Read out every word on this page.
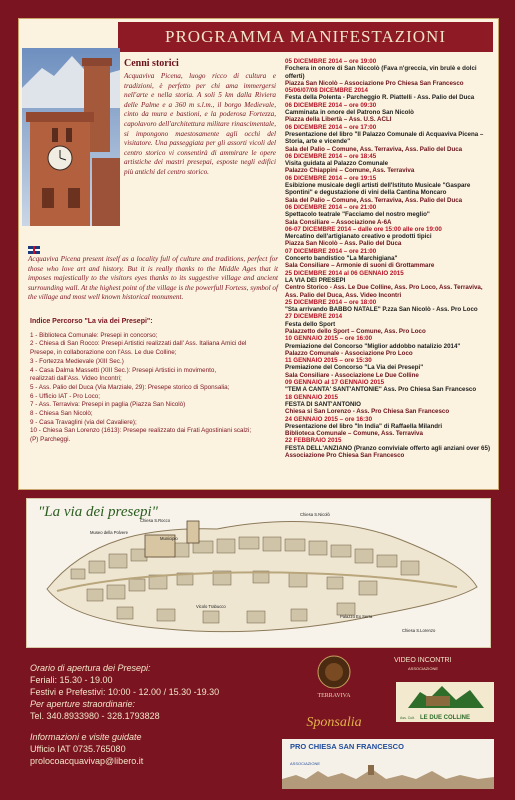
PROGRAMMA MANIFESTAZIONI
Cenni storici

Acquaviva Picena, luogo ricco di cultura e tradizioni, è perfetto per chi ama immergersi nell'arte e nella storia. A soli 5 km dalla Riviera delle Palme e a 360 m s.l.m., il borgo Medievale, cinto da mura e bastioni, e la poderosa Fortezza, capolavoro dell'architettura militare rinascimentale, si impongono maestosamente agli occhi del visitatore. Una passeggiata per gli assorti vicoli del centro storico vi consentirà di ammirare le opere artistiche dei mastri presepai, esposte negli edifici più antichi del centro storico.

Acquaviva Picena present itself as a locality full of culture and traditions, perfect for those who love art and history. But it is really thanks to the Middle Ages that it imposes majestically to the visitors eyes thanks to its suggestive village and ancient surrounding wall. At the highest point of the village is the powerfull Fortess, symbol of the village and most well known historical monument.
Indice Percorso "La via dei Presepi":
1 - Biblioteca Comunale: Presepi in concorso;
2 - Chiesa di San Rocco: Presepi Artistici realizzati dall' Ass. Italiana Amici del
Presepe, in collaborazione con l'Ass. Le due Colline;
3 - Fortezza Medievale (XIII Sec.)
4 - Casa Dalma Massetti (XIII Sec.): Presepi Artistici in movimento,
realizzati dall'Ass. Video Incontri;
5 - Ass. Palio del Duca (Via Marziale, 29): Presepe storico di Sponsalia;
6 - Ufficio IAT - Pro Loco;
7 - Ass. Terravivа: Presepi in paglia (Piazza San Nicolò)
8 - Chiesa San Nicolò;
9 - Casa Travaglini (via del Cavaliere);
10 - Chiesa San Lorenzo (1613): Presepe realizzato dai Frati Agostiniani scalzi;
(P) Parcheggi.
05 DICEMBRE 2014 – ore 19:00
Fochera in onore di San Niccolò (Fava n'greccia, vin brulè e dolci offerti)
Piazza San Nicolò – Associazione Pro Chiesa San Francesco
05/06/07/08 DICEMBRE 2014
Festa della Polenta - Parcheggio R. Piattelli - Ass. Palio del Duca
06 DICEMBRE 2014 – ore 09:30
Camminata in onore del Patrono San Nicolò
Piazza della Libertà – Ass. U.S. ACLI
06 DICEMBRE 2014 – ore 17:00
Presentazione del libro "Il Palazzo Comunale di Acquaviva Picena – Storia, arte e vicende"
Sala del Palio – Comune, Ass. Terravivа, Ass. Palio del Duca
06 DICEMBRE 2014 – ore 18:45
Visita guidata al Palazzo Comunale
Palazzo Chiappini – Comune, Ass. Terravivа
06 DICEMBRE 2014 – ore 19:15
Esibizione musicale degli artisti dell'Istituto Musicale "Gaspare Spontini" e degustazione di vini della Cantina Moncaro
Sala del Palio – Comune, Ass. Terravivа, Ass. Palio del Duca
06 DICEMBRE 2014 – ore 21:00
Spettacolo teatrale "Facciamo del nostro meglio"
Sala Consiliare – Associazione A-6A
06-07 DICEMBRE 2014 – dalle ore 15:00 alle ore 19:00
Mercatino dell'artigianato creativo e prodotti tipici
Piazza San Nicolò – Ass. Palio del Duca
07 DICEMBRE 2014 – ore 21:00
Concerto bandistico "La Marchigiana"
Sala Consiliare – Armonie di suoni di Grottammare
25 DICEMBRE 2014 al 06 GENNAIO 2015
LA VIA DEI PRESEPI
Centro Storico - Ass. Le Due Colline, Ass. Pro Loco, Ass. Terravivа, Ass. Palio del Duca, Ass. Video Incontri
25 DICEMBRE 2014 – ore 18:00
"Sta arrivando BABBO NATALE" P.zza San Nicolò - Ass. Pro Loco
27 DICEMBRE 2014
Festa dello Sport
Palazzetto dello Sport – Comune, Ass. Pro Loco
10 GENNAIO 2015 – ore 16:00
Premiazione del Concorso "Miglior addobbo natalizio 2014"
Palazzo Comunale - Associazione Pro Loco
11 GENNAIO 2015 – ore 15:30
Premiazione del Concorso "La Via dei Presepi"
Sala Consiliare - Associazione Le Due Colline
09 GENNAIO al 17 GENNAIO 2015
"TEM A CANTA' SANT'ANTONIE" Ass. Pro Chiesa San Francesco
18 GENNAIO 2015
FESTA DI SANT'ANTONIO
Chiesa si San Lorenzo - Ass. Pro Chiesa San Francesco
24 GENNAIO 2015 – ore 16:30
Presentazione del libro "In India" di Raffaella Milandri
Biblioteca Comunale – Comune, Ass. Terravivа
22 FEBBRAIO 2015
FESTA DELL'ANZIANO (Pranzo conviviale offerto agli anziani over 65)
Associazione Pro Chiesa San Francesco
"La via dei presepi"
Chiesa S.Rocco
Chiesa S.Nicolò
Museo della Polvere
Municipio
Vicolo Trabucco
Palazzo Ex Serra
Chiesa S.Lorenzo
Orario di apertura dei Presepi:
Feriali: 15.30 - 19.00
Festivi e Prefestivi: 10:00 - 12.00 / 15.30 -19.30
Per aperture straordinarie:
Tel. 340.8933980 - 328.1793828
Informazioni e visite guidate
Ufficio IAT 0735.765080
prolocoacquavivap@libero.it
TERRAVIVA
Sponsalia
VIDEO INCONTRI
ASSOCIAZIONE
Ass. Cult. LE DUE COLLINE
PRO CHIESA SAN FRANCESCO
ASSOCIAZIONE
